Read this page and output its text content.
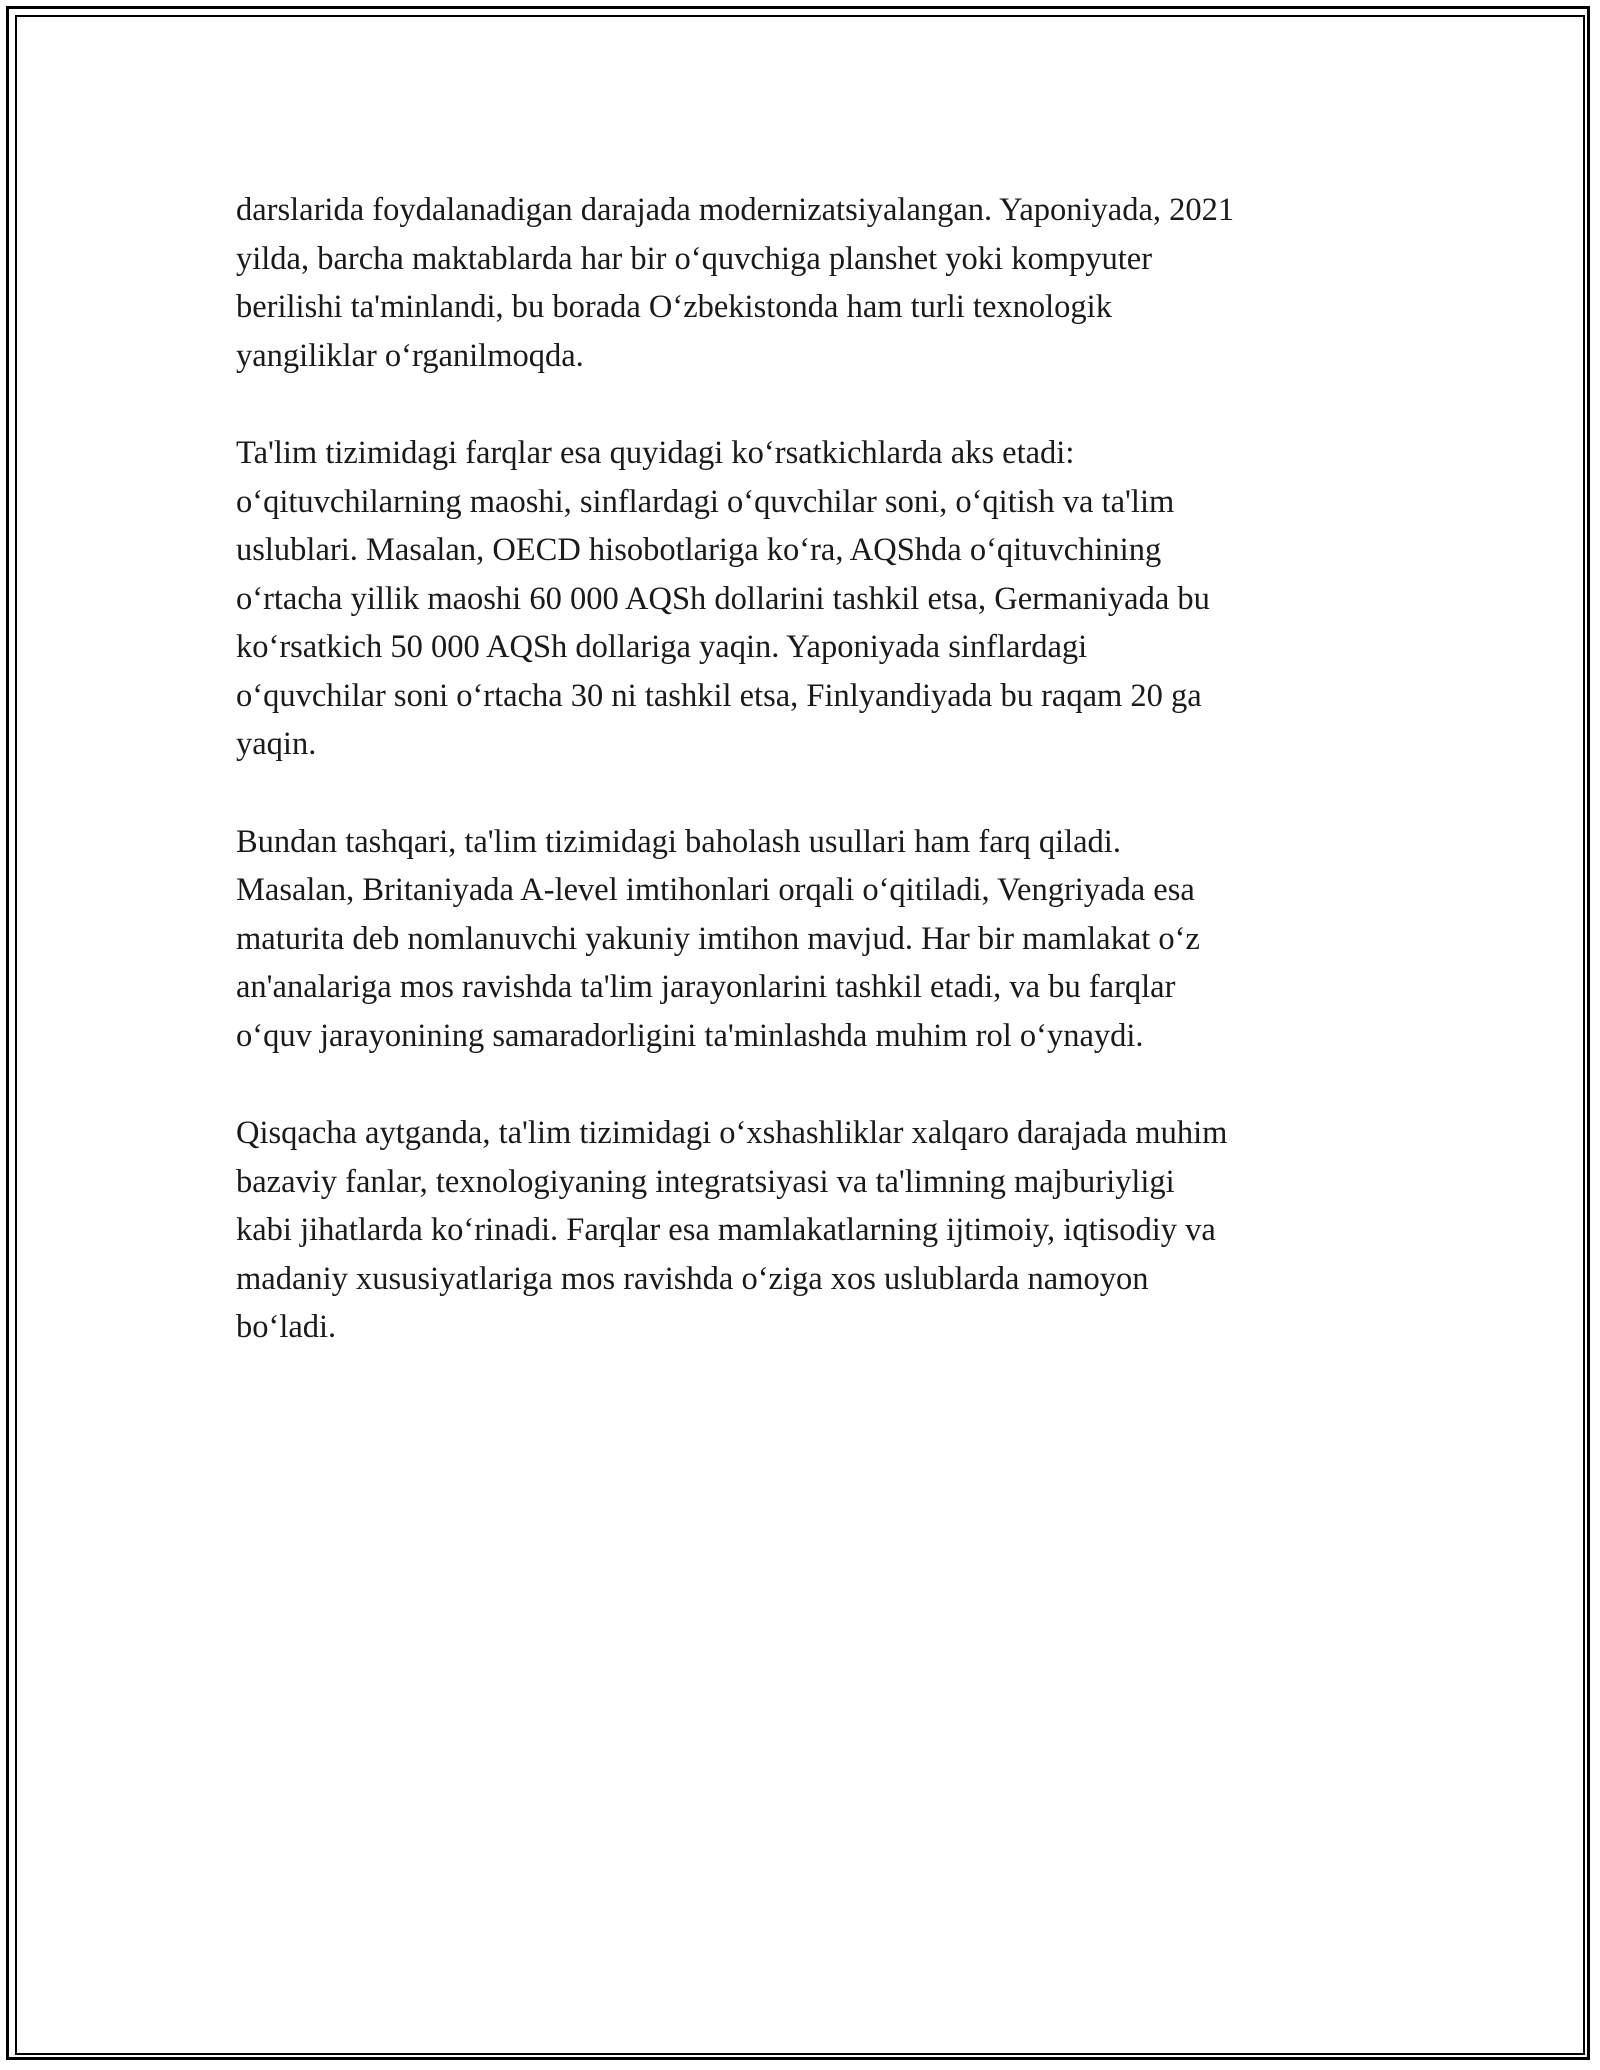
darslarida foydalanadigan darajada modernizatsiyalangan. Yaponiyada, 2021
yilda, barcha maktablarda har bir o‘quvchiga planshet yoki kompyuter
berilishi ta'minlandi, bu borada O‘zbekistonda ham turli texnologik
yangiliklar o‘rganilmoqda.

Ta'lim tizimidagi farqlar esa quyidagi ko‘rsatkichlarda aks etadi:
o‘qituvchilarning maoshi, sinflardagi o‘quvchilar soni, o‘qitish va ta'lim
uslublari. Masalan, OECD hisobotlariga ko‘ra, AQShda o‘qituvchining
o‘rtacha yillik maoshi 60 000 AQSh dollarini tashkil etsa, Germaniyada bu
ko‘rsatkich 50 000 AQSh dollariga yaqin. Yaponiyada sinflardagi
o‘quvchilar soni o‘rtacha 30 ni tashkil etsa, Finlyandiyada bu raqam 20 ga
yaqin.

Bundan tashqari, ta'lim tizimidagi baholash usullari ham farq qiladi.
Masalan, Britaniyada A-level imtihonlari orqali o‘qitiladi, Vengriyada esa
maturita deb nomlanuvchi yakuniy imtihon mavjud. Har bir mamlakat o‘z
an'analariga mos ravishda ta'lim jarayonlarini tashkil etadi, va bu farqlar
o‘quv jarayonining samaradorligini ta'minlashda muhim rol o‘ynaydi.

Qisqacha aytganda, ta'lim tizimidagi o‘xshashliklar xalqaro darajada muhim
bazaviy fanlar, texnologiyaning integratsiyasi va ta'limning majburiyligi
kabi jihatlarda ko‘rinadi. Farqlar esa mamlakatlarning ijtimoiy, iqtisodiy va
madaniy xususiyatlariga mos ravishda o‘ziga xos uslublarda namoyon
bo‘ladi.
